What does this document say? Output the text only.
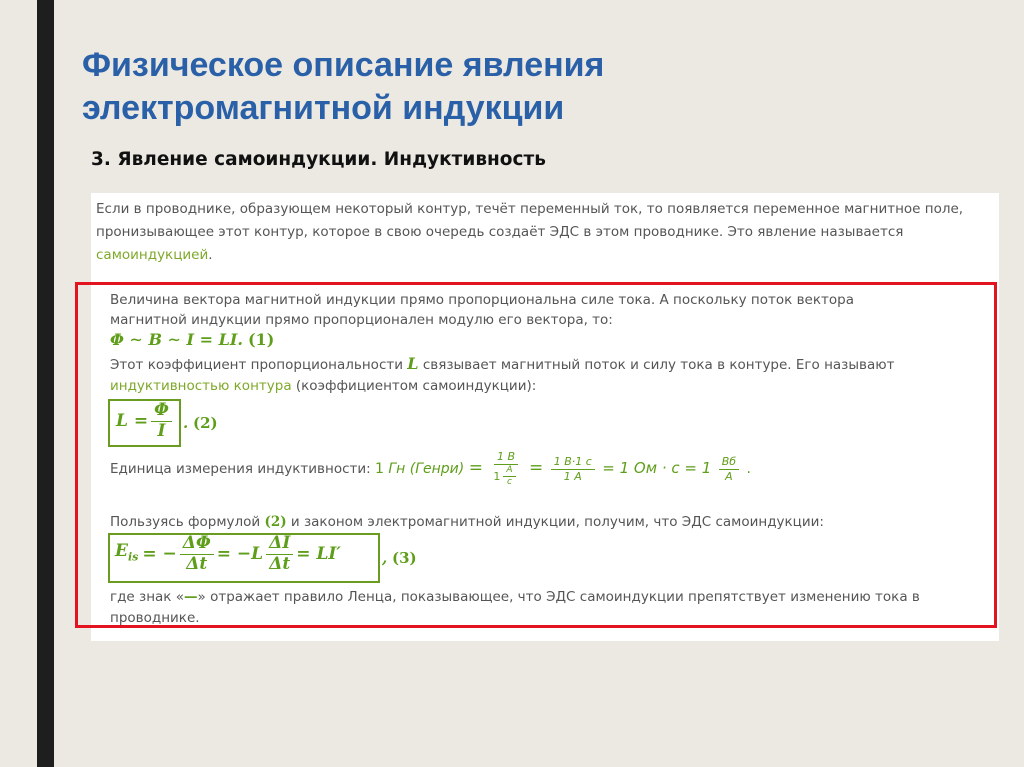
Физическое описание явления электромагнитной индукции
3. Явление самоиндукции. Индуктивность
Если в проводнике, образующем некоторый контур, течёт переменный ток, то появляется переменное магнитное поле, пронизывающее этот контур, которое в свою очередь создаёт ЭДС в этом проводнике. Это явление называется самоиндукцией.
Величина вектора магнитной индукции прямо пропорциональна силе тока. А поскольку поток вектора
магнитной индукции прямо пропорционален модулю его вектора, то:
Φ ∼ B ∼ I = LI. (1)
Этот коэффициент пропорциональности L связывает магнитный поток и силу тока в контуре. Его называют
индуктивностью контура (коэффициентом самоиндукции):
$L = \frac{\Phi}{I}$ . (2)
Единица измерения индуктивности: 1 Гн (Генри) = $\frac{1 В}{1 \frac{А}{с}} = \frac{1 В\cdot 1 с}{1 А} = 1$ Ом · $с = 1 \frac{Вб}{А}$ .
Пользуясь формулой (2) и законом электромагнитной индукции, получим, что ЭДС самоиндукции:
$E_{is}$ = − $\frac{\Delta\Phi}{\Delta t} = -L \frac{\Delta I}{\Delta t} = LI'$	, (3)
где знак «—» отражает правило Ленца, показывающее, что ЭДС самоиндукции препятствует изменению тока в
проводнике.
